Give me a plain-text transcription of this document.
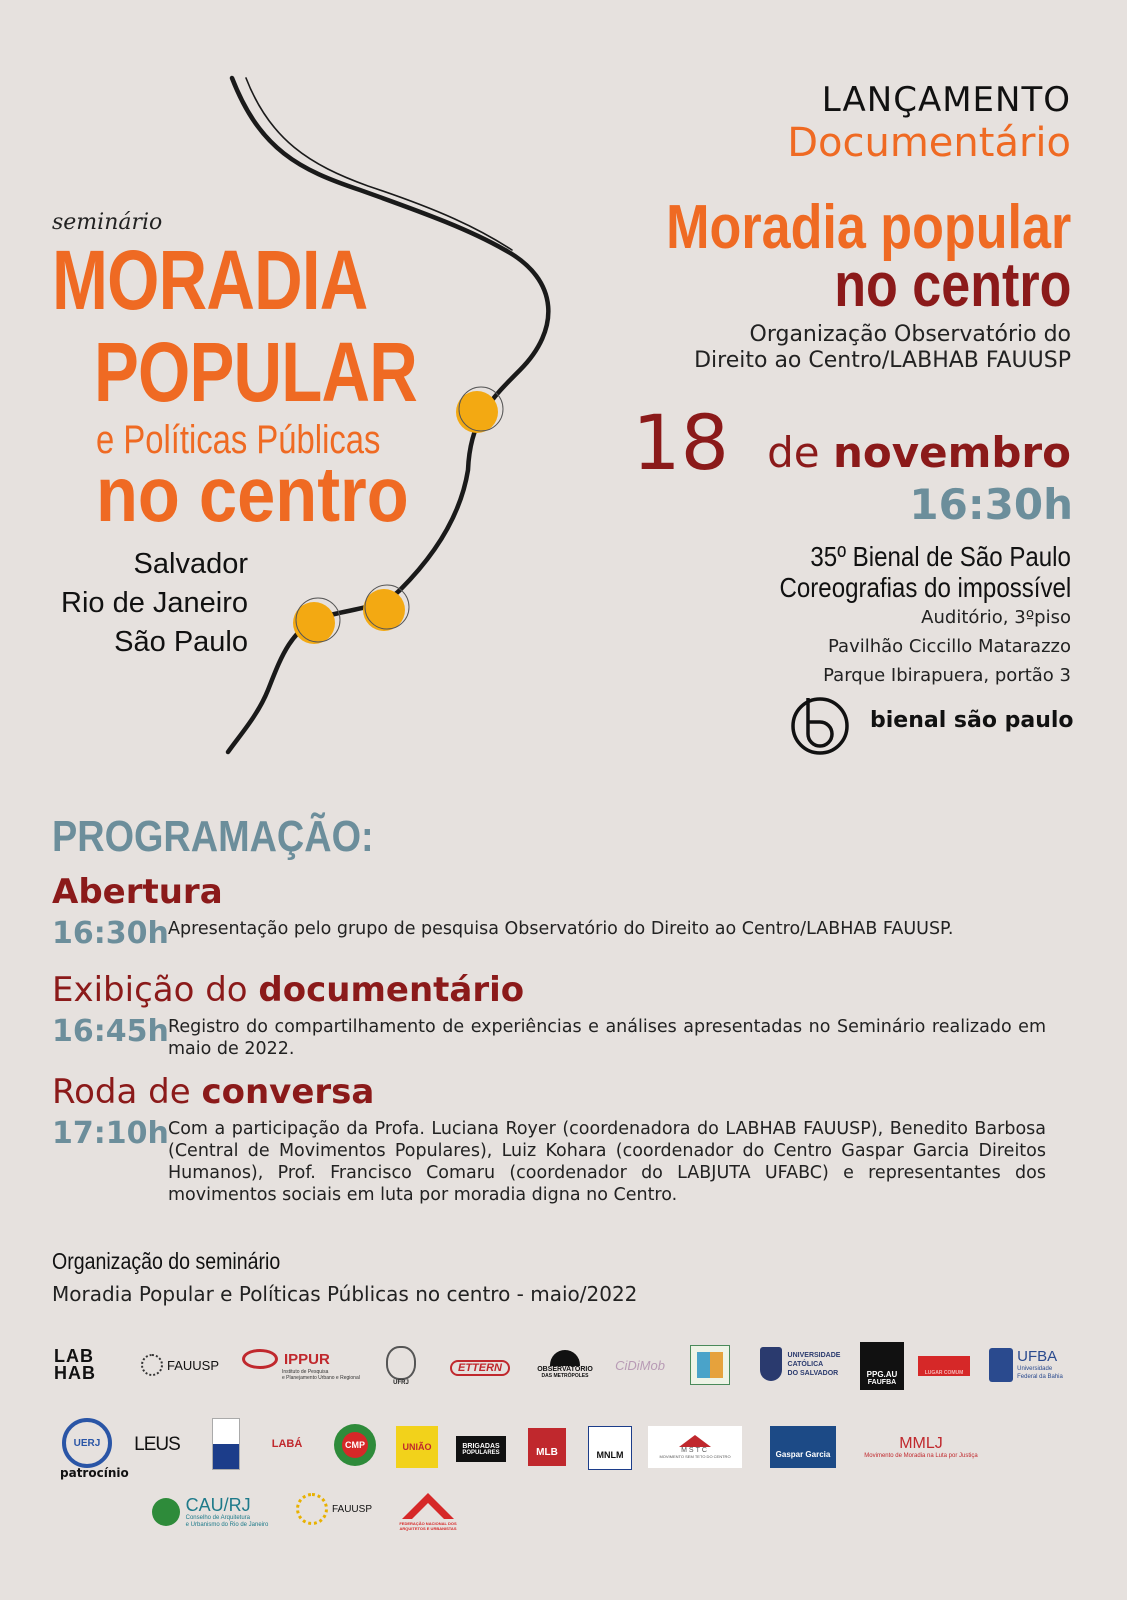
seminário
MORADIA
POPULAR
e Políticas Públicas
no centro
Salvador
Rio de Janeiro
São Paulo
LANÇAMENTO
Documentário
Moradia popular
no centro
Organização Observatório do
Direito ao Centro/LABHAB FAUUSP
18 de novembro
16:30h
35º Bienal de São Paulo
Coreografias do impossível
Auditório, 3ºpiso
Pavilhão Ciccillo Matarazzo
Parque Ibirapuera, portão 3
bienal são paulo
PROGRAMAÇÃO:
Abertura
16:30h Apresentação pelo grupo de pesquisa Observatório do Direito ao Centro/LABHAB FAUUSP.
Exibição do documentário
16:45h Registro do compartilhamento de experiências e análises apresentadas no Seminário realizado em maio de 2022.
Roda de conversa
17:10h Com a participação da Profa. Luciana Royer (coordenadora do LABHAB FAUUSP), Benedito Barbosa (Central de Movimentos Populares), Luiz Kohara (coordenador do Centro Gaspar Garcia Direitos Humanos), Prof. Francisco Comaru (coordenador do LABJUTA UFABC) e representantes dos movimentos sociais em luta por moradia digna no Centro.
Organização do seminário
Moradia Popular e Políticas Públicas no centro - maio/2022
LAB HAB	FAUUSP	IPPUR
Instituto de Pesquisa
e Planejamento Urbano e Regional
UFRJ
ETTERN	OBSERVATÓRIO
DAS METRÓPOLES
CiDiMob
UNIVERSIDADE
CATÓLICA
DO SALVADOR	PPG.AU
FAUFBA
LUGAR COMUM
UFBA
Universidade
Federal da Bahia
UERJ LEUS	LABÁ	CMP	UNIÃO	BRIGADAS
POPULARES	MLB	MNLM	MSTC
MOVIMENTO SEM TETO DO CENTRO	Gaspar Garcia
MMLJ
Movimento de Moradia na Luta por Justiça
patrocínio
CAU/RJ
Conselho de Arquitetura
e Urbanismo do Rio de Janeiro
FAUUSP
FEDERAÇÃO NACIONAL DOS
ARQUITETOS E URBANISTAS
